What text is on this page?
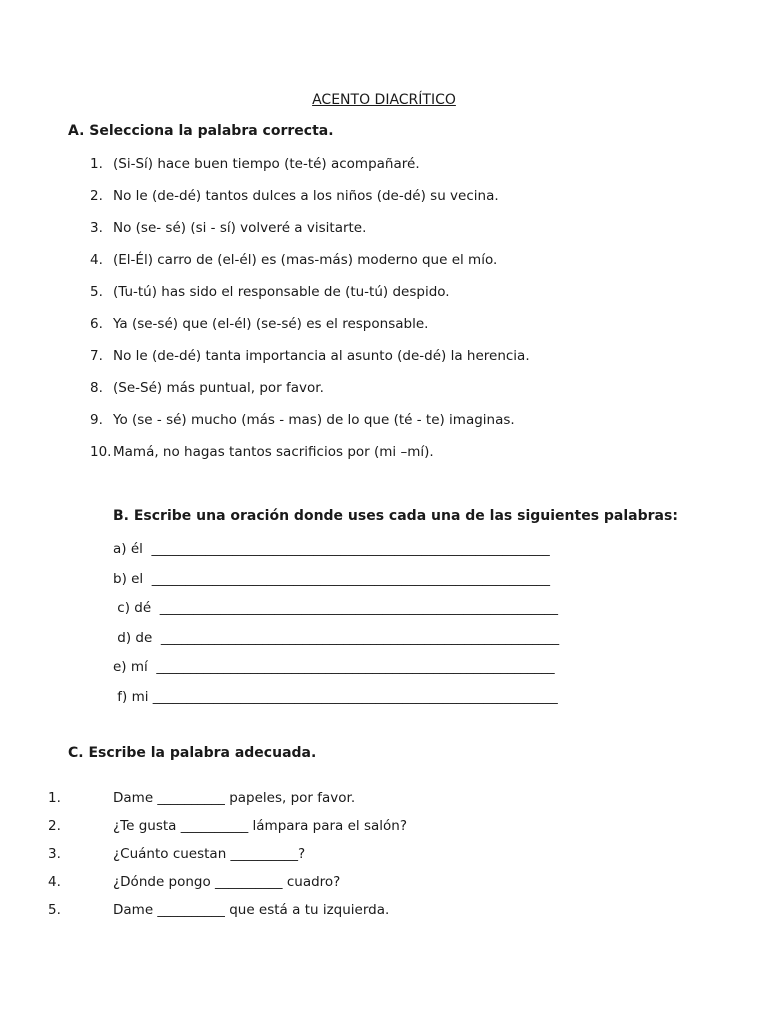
ACENTO DIACRÍTICO
A. Selecciona la palabra correcta.
1. (Si-Sí) hace buen tiempo (te-té) acompañaré.
2. No le (de-dé) tantos dulces a los niños (de-dé) su vecina.
3. No (se- sé) (si - sí) volveré a visitarte.
4. (El-Él) carro de (el-él) es (mas-más) moderno que el mío.
5. (Tu-tú) has sido el responsable de (tu-tú) despido.
6. Ya (se-sé) que (el-él) (se-sé) es el responsable.
7. No le (de-dé) tanta importancia al asunto (de-dé) la herencia.
8. (Se-Sé) más puntual, por favor.
9. Yo (se - sé) mucho (más - mas) de lo que (té - te) imaginas.
10. Mamá, no hagas tantos sacrificios por (mi –mí).
B. Escribe una oración donde uses cada una de las siguientes palabras:
a) él  ___________________________________________________________
b) el  ___________________________________________________________
c) dé  ___________________________________________________________
d) de  ___________________________________________________________
e) mí  ___________________________________________________________
f) mi ____________________________________________________________
C. Escribe la palabra adecuada.
1.	Dame __________ papeles, por favor.
2.	¿Te gusta __________ lámpara para el salón?
3.	¿Cuánto cuestan __________?
4.	¿Dónde pongo __________ cuadro?
5.	Dame __________ que está a tu izquierda.
